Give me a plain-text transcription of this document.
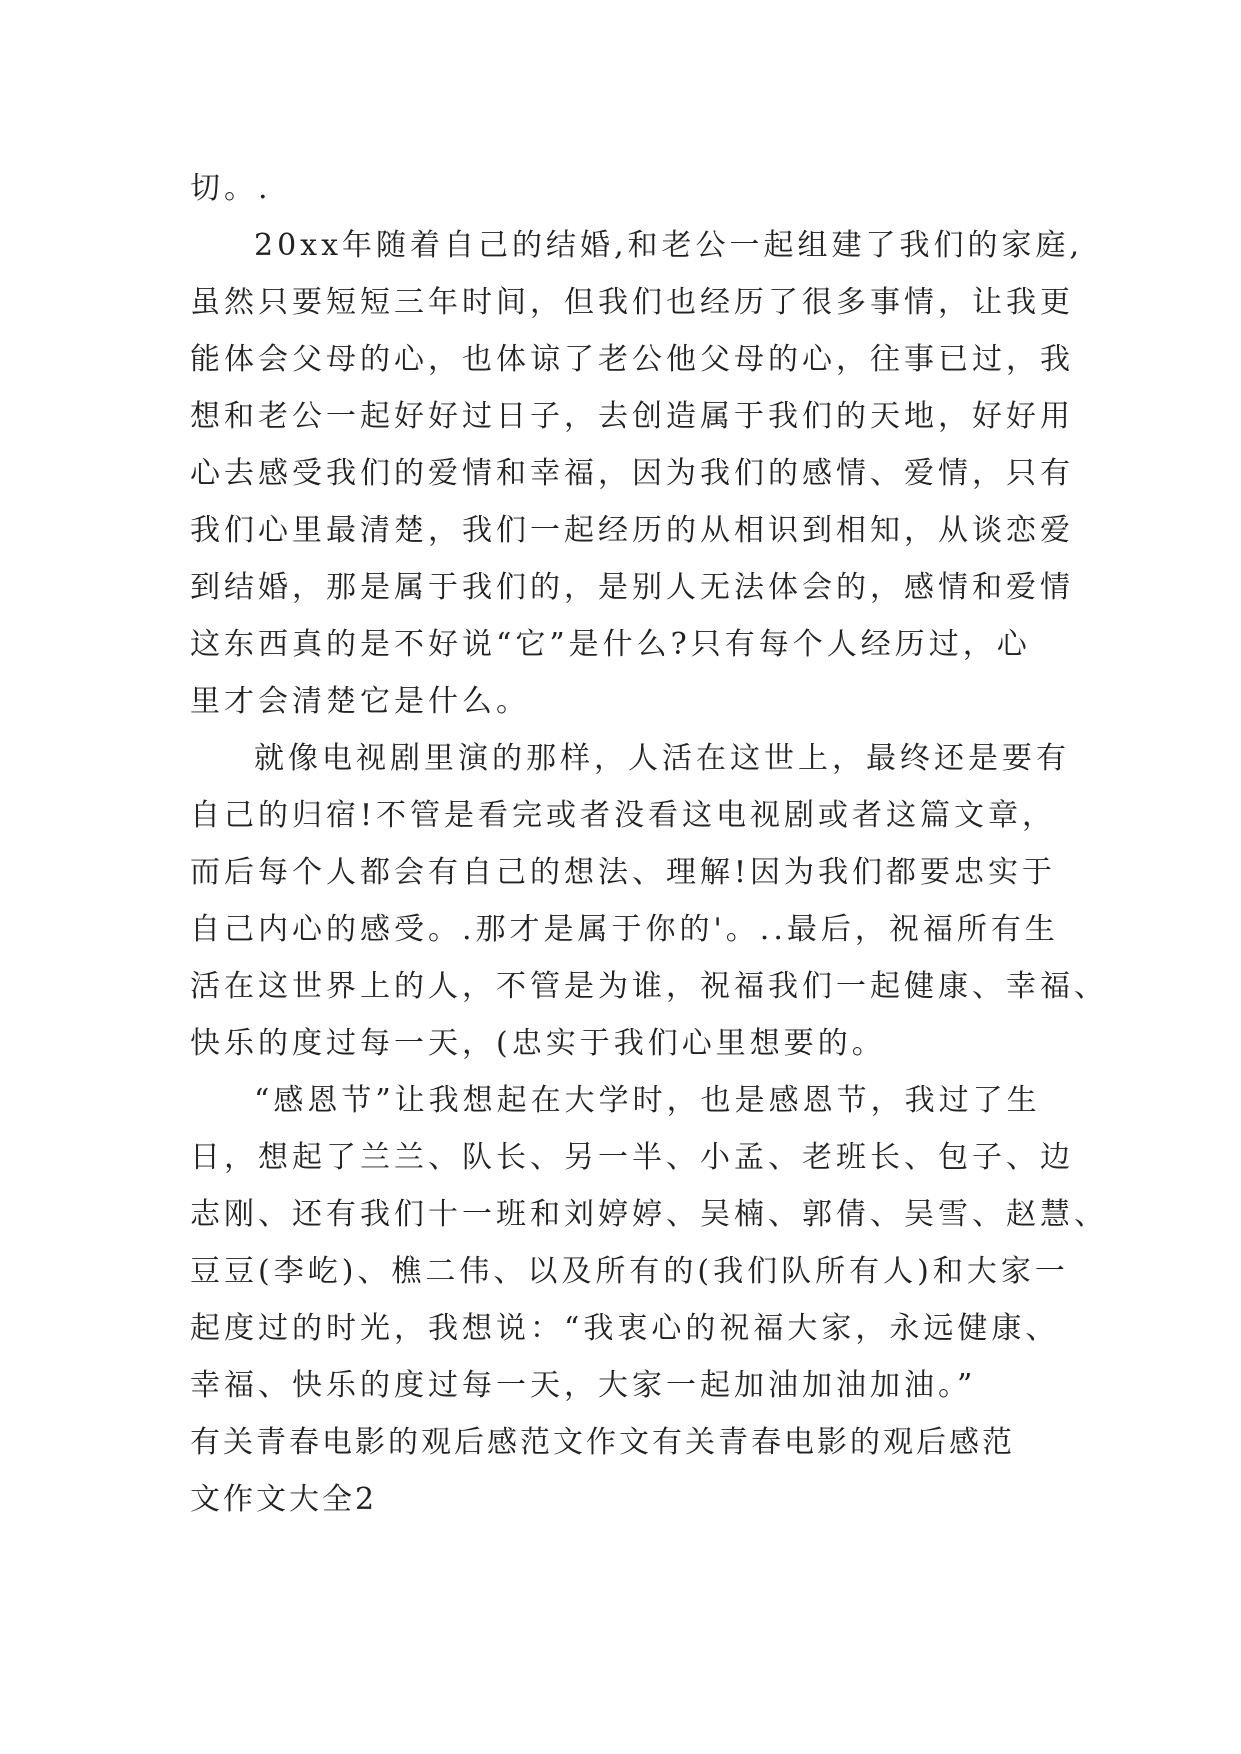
切。.
20xx年随着自己的结婚,和老公一起组建了我们的家庭,
虽然只要短短三年时间，但我们也经历了很多事情，让我更
能体会父母的心，也体谅了老公他父母的心，往事已过，我
想和老公一起好好过日子，去创造属于我们的天地，好好用
心去感受我们的爱情和幸福，因为我们的感情、爱情，只有
我们心里最清楚，我们一起经历的从相识到相知，从谈恋爱
到结婚，那是属于我们的，是别人无法体会的，感情和爱情
这东西真的是不好说“它”是什么?只有每个人经历过，心
里才会清楚它是什么。
就像电视剧里演的那样，人活在这世上，最终还是要有
自己的归宿!不管是看完或者没看这电视剧或者这篇文章，
而后每个人都会有自己的想法、理解!因为我们都要忠实于
自己内心的感受。.那才是属于你的'。..最后，祝福所有生
活在这世界上的人，不管是为谁，祝福我们一起健康、幸福、
快乐的度过每一天，(忠实于我们心里想要的。
“感恩节”让我想起在大学时，也是感恩节，我过了生
日，想起了兰兰、队长、另一半、小孟、老班长、包子、边
志刚、还有我们十一班和刘婷婷、吴楠、郭倩、吴雪、赵慧、
豆豆(李屹)、樵二伟、以及所有的(我们队所有人)和大家一
起度过的时光，我想说：“我衷心的祝福大家，永远健康、
幸福、快乐的度过每一天，大家一起加油加油加油。”
有关青春电影的观后感范文作文有关青春电影的观后感范
文作文大全2
